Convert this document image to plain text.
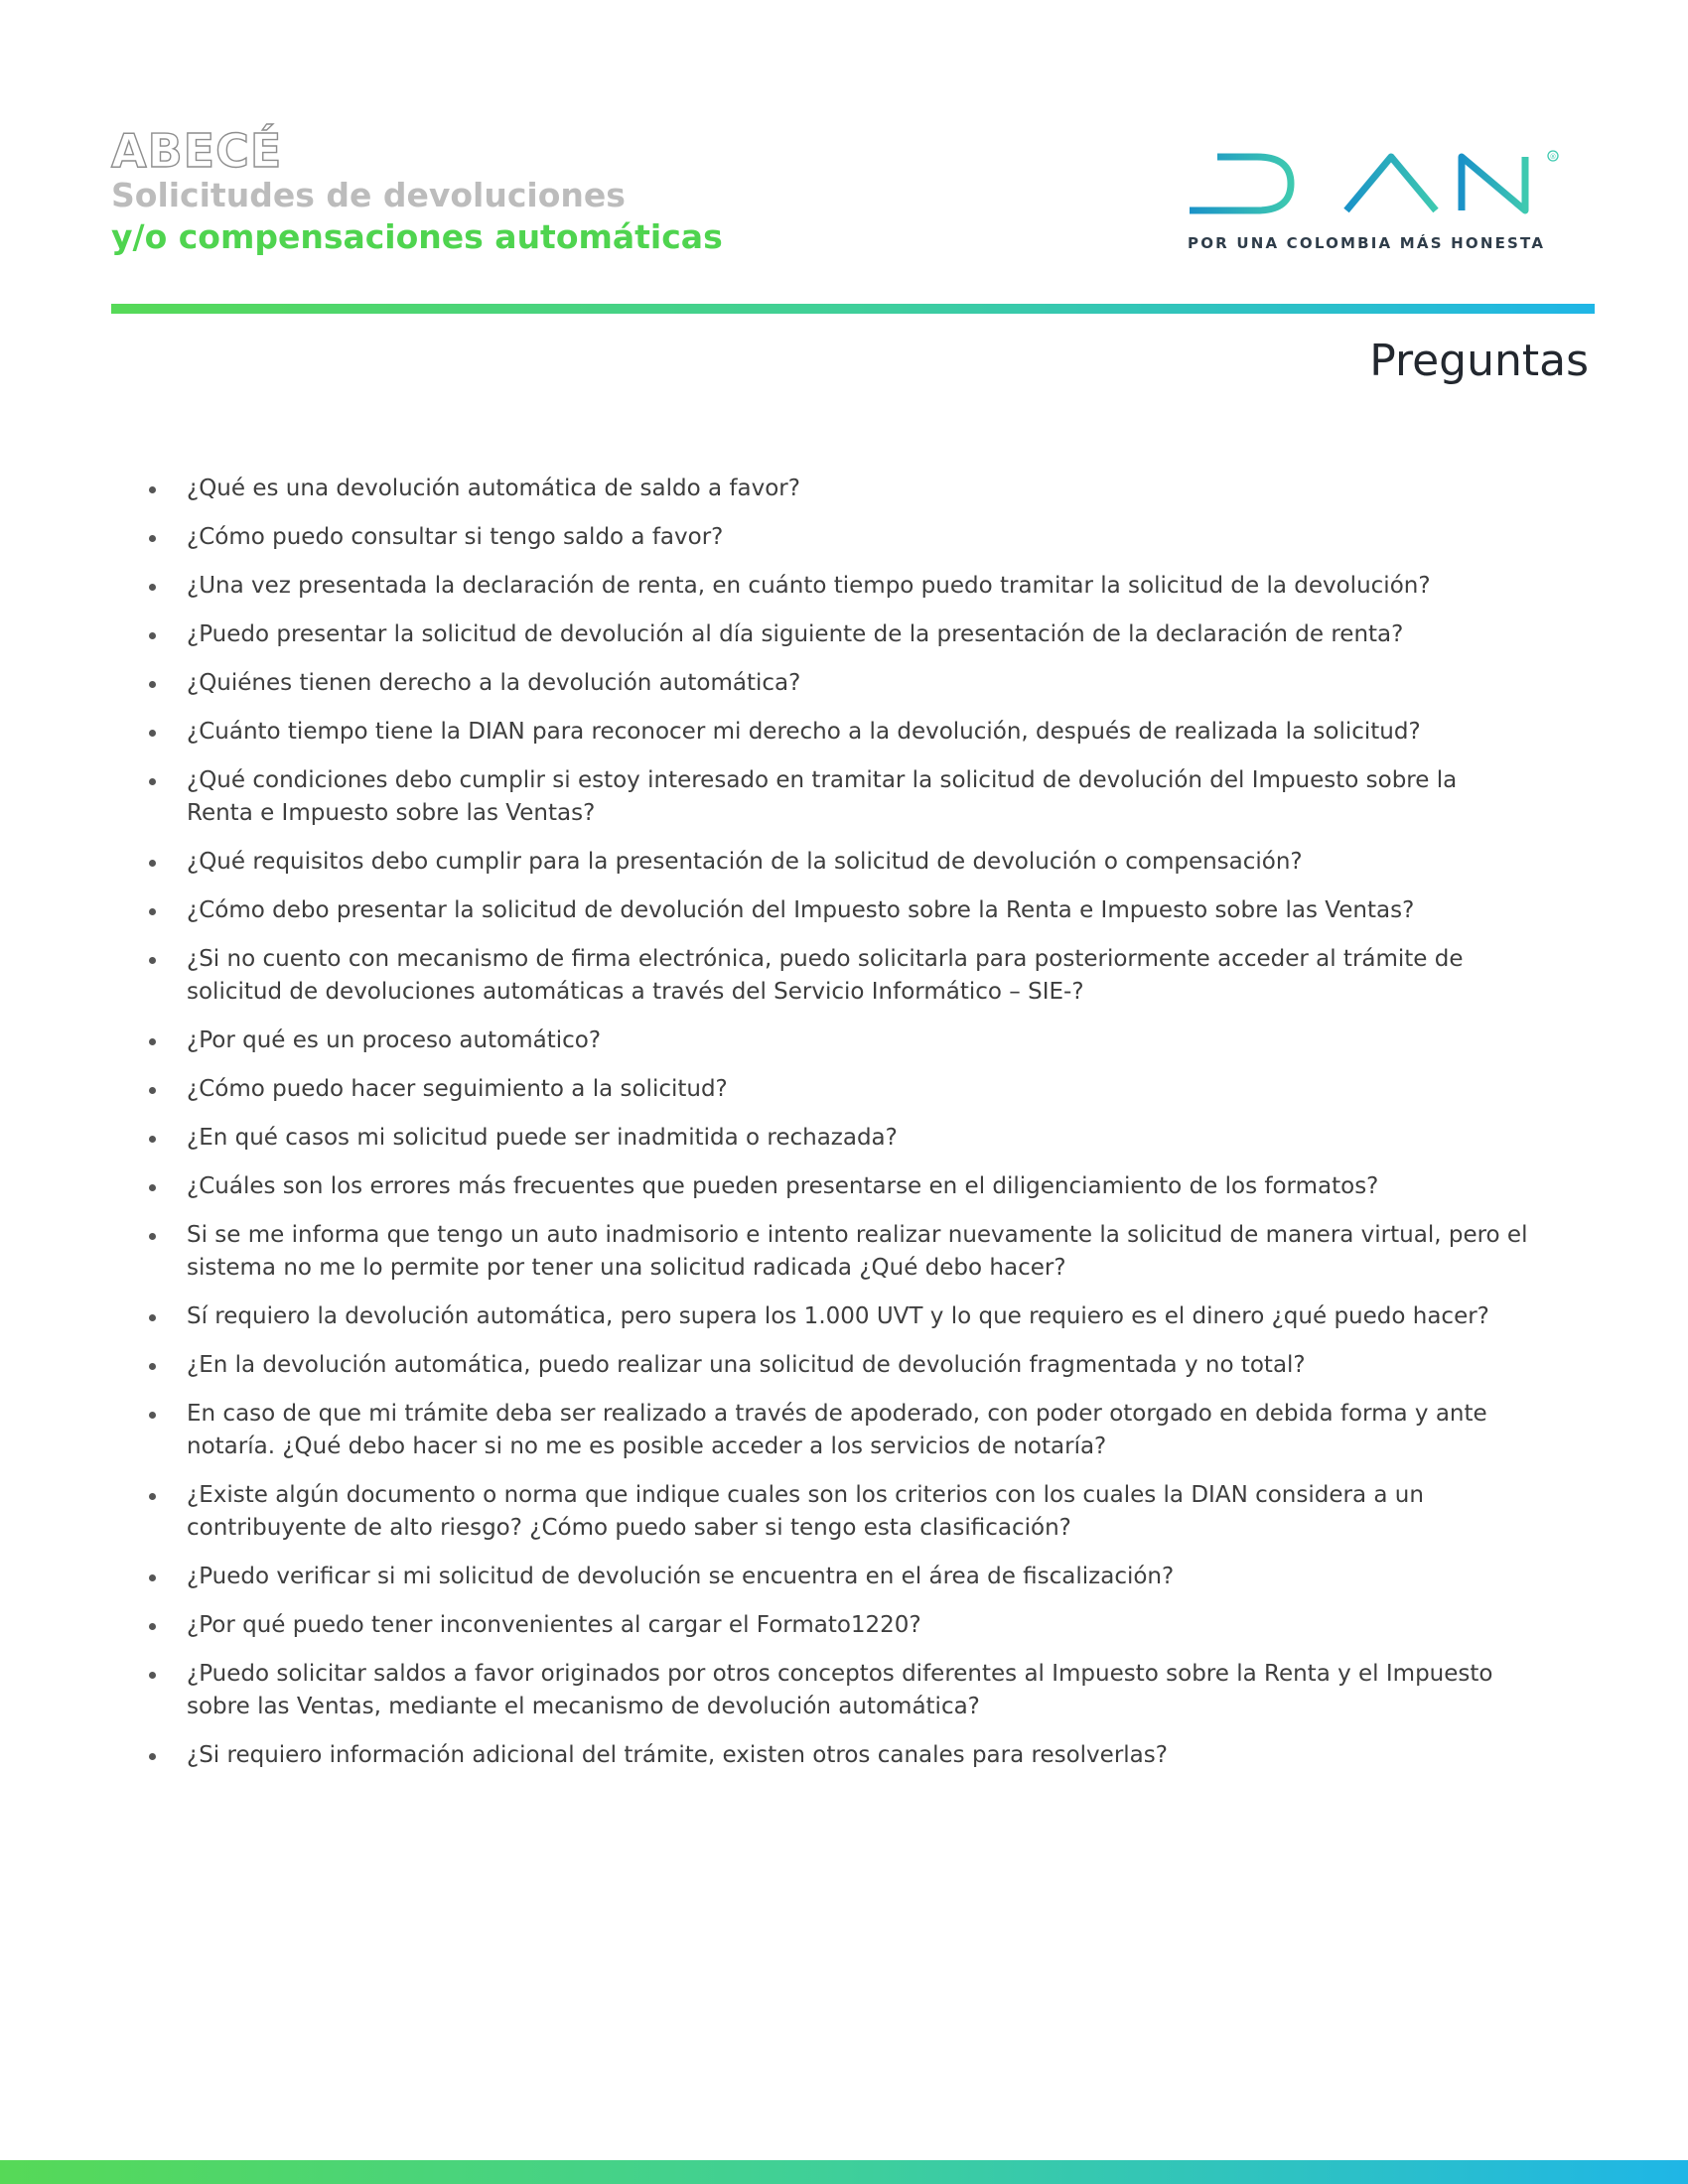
ABECÉ
Solicitudes de devoluciones
y/o compensaciones automáticas
®
POR UNA COLOMBIA MÁS HONESTA
Preguntas
¿Qué es una devolución automática de saldo a favor?
¿Cómo puedo consultar si tengo saldo a favor?
¿Una vez presentada la declaración de renta, en cuánto tiempo puedo tramitar la solicitud de la devolución?
¿Puedo presentar la solicitud de devolución al día siguiente de la presentación de la declaración de renta?
¿Quiénes tienen derecho a la devolución automática?
¿Cuánto tiempo tiene la DIAN para reconocer mi derecho a la devolución, después de realizada la solicitud?
¿Qué condiciones debo cumplir si estoy interesado en tramitar la solicitud de devolución del Impuesto sobre la Renta e Impuesto sobre las Ventas?
¿Qué requisitos debo cumplir para la presentación de la solicitud de devolución o compensación?
¿Cómo debo presentar la solicitud de devolución del Impuesto sobre la Renta e Impuesto sobre las Ventas?
¿Si no cuento con mecanismo de firma electrónica, puedo solicitarla para posteriormente acceder al trámite de solicitud de devoluciones automáticas a través del Servicio Informático – SIE-?
¿Por qué es un proceso automático?
¿Cómo puedo hacer seguimiento a la solicitud?
¿En qué casos mi solicitud puede ser inadmitida o rechazada?
¿Cuáles son los errores más frecuentes que pueden presentarse en el diligenciamiento de los formatos?
Si se me informa que tengo un auto inadmisorio e intento realizar nuevamente la solicitud de manera virtual, pero el sistema no me lo permite por tener una solicitud radicada ¿Qué debo hacer?
Sí requiero la devolución automática, pero supera los 1.000 UVT y lo que requiero es el dinero ¿qué puedo hacer?
¿En la devolución automática, puedo realizar una solicitud de devolución fragmentada y no total?
En caso de que mi trámite deba ser realizado a través de apoderado, con poder otorgado en debida forma y ante notaría. ¿Qué debo hacer si no me es posible acceder a los servicios de notaría?
¿Existe algún documento o norma que indique cuales son los criterios con los cuales la DIAN considera a un contribuyente de alto riesgo? ¿Cómo puedo saber si tengo esta clasificación?
¿Puedo verificar si mi solicitud de devolución se encuentra en el área de fiscalización?
¿Por qué puedo tener inconvenientes al cargar el Formato1220?
¿Puedo solicitar saldos a favor originados por otros conceptos diferentes al Impuesto sobre la Renta y el Impuesto sobre las Ventas, mediante el mecanismo de devolución automática?
¿Si requiero información adicional del trámite, existen otros canales para resolverlas?
